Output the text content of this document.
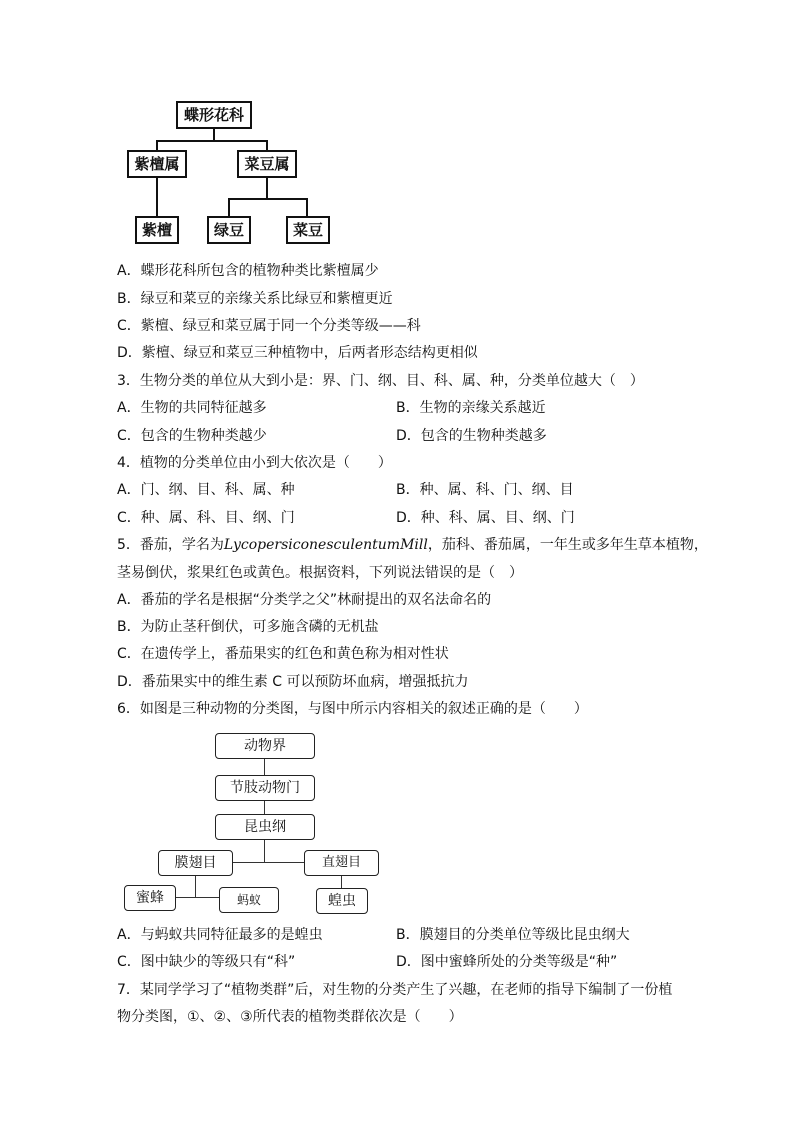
蝶形花科
紫檀属	菜豆属
紫檀	绿豆	菜豆
A．蝶形花科所包含的植物种类比紫檀属少
B．绿豆和菜豆的亲缘关系比绿豆和紫檀更近
C．紫檀、绿豆和菜豆属于同一个分类等级——科
D．紫檀、绿豆和菜豆三种植物中，后两者形态结构更相似
3．生物分类的单位从大到小是：界、门、纲、目、科、属、种，分类单位越大（　）
A．生物的共同特征越多	B．生物的亲缘关系越近
C．包含的生物种类越少	D．包含的生物种类越多
4．植物的分类单位由小到大依次是（　　）
A．门、纲、目、科、属、种	B．种、属、科、门、纲、目
C．种、属、科、目、纲、门	D．种、科、属、目、纲、门
5．番茄，学名为LycopersiconesculentumMill，茄科、番茄属，一年生或多年生草本植物，
茎易倒伏，浆果红色或黄色。根据资料，下列说法错误的是（　）
A．番茄的学名是根据“分类学之父”林耐提出的双名法命名的
B．为防止茎秆倒伏，可多施含磷的无机盐
C．在遗传学上，番茄果实的红色和黄色称为相对性状
D．番茄果实中的维生素 C 可以预防坏血病，增强抵抗力
6．如图是三种动物的分类图，与图中所示内容相关的叙述正确的是（　　）
动物界
节肢动物门
昆虫纲
膜翅目	直翅目
蜜蜂	蚂蚁	蝗虫
A．与蚂蚁共同特征最多的是蝗虫	B．膜翅目的分类单位等级比昆虫纲大
C．图中缺少的等级只有“科”	D．图中蜜蜂所处的分类等级是“种”
7．某同学学习了“植物类群”后，对生物的分类产生了兴趣，在老师的指导下编制了一份植
物分类图，①、②、③所代表的植物类群依次是（　　）
